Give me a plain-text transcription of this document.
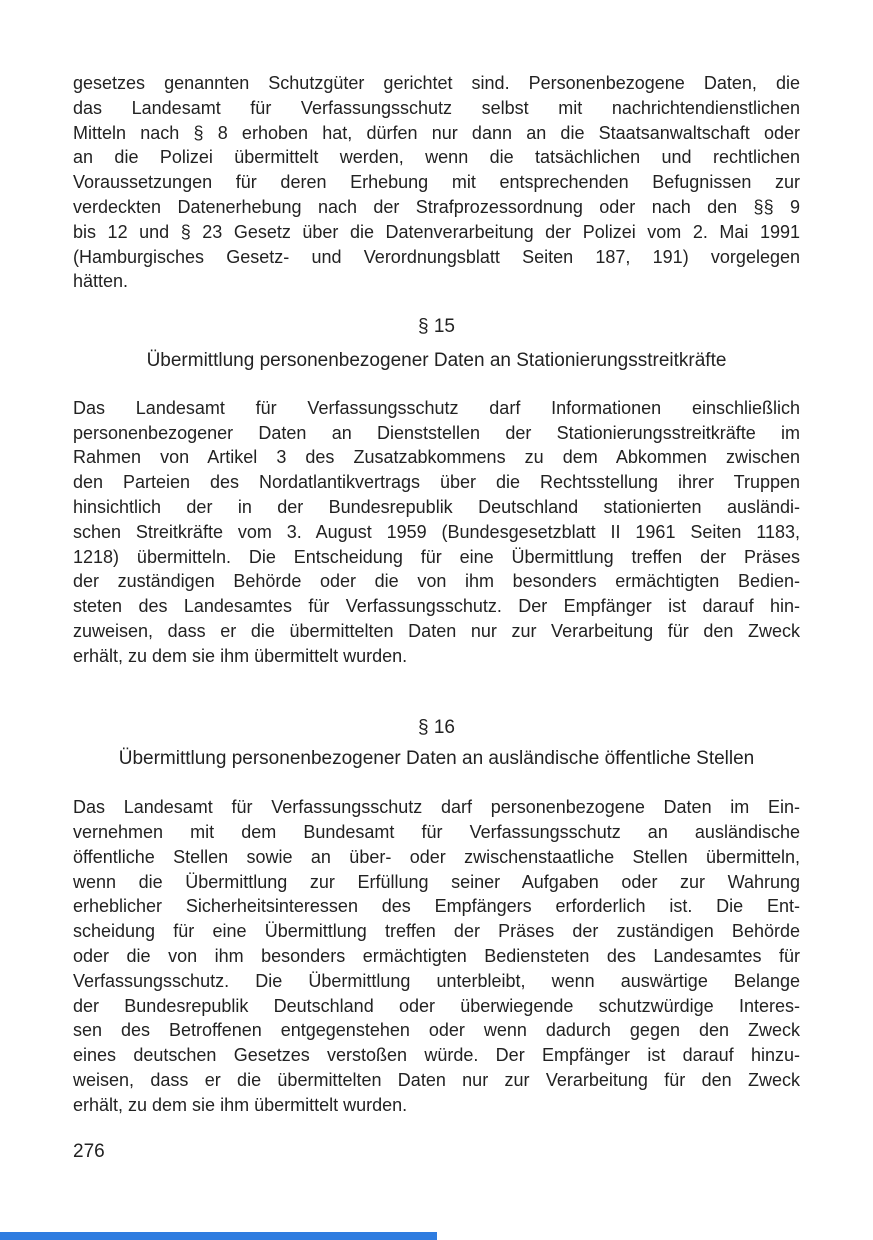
gesetzes genannten Schutzgüter gerichtet sind. Personenbezogene Daten, die
das Landesamt für Verfassungsschutz selbst mit nachrichtendienstlichen
Mitteln nach § 8 erhoben hat, dürfen nur dann an die Staatsanwaltschaft oder
an die Polizei übermittelt werden, wenn die tatsächlichen und rechtlichen
Voraussetzungen für deren Erhebung mit entsprechenden Befugnissen zur
verdeckten Datenerhebung nach der Strafprozessordnung oder nach den §§ 9
bis 12 und § 23 Gesetz über die Datenverarbeitung der Polizei vom 2. Mai 1991
(Hamburgisches Gesetz- und Verordnungsblatt Seiten 187, 191) vorgelegen
hätten.
§ 15
Übermittlung personenbezogener Daten an Stationierungsstreitkräfte
Das Landesamt für Verfassungsschutz darf Informationen einschließlich
personenbezogener Daten an Dienststellen der Stationierungsstreitkräfte im
Rahmen von Artikel 3 des Zusatzabkommens zu dem Abkommen zwischen
den Parteien des Nordatlantikvertrags über die Rechtsstellung ihrer Truppen
hinsichtlich der in der Bundesrepublik Deutschland stationierten ausländi-
schen Streitkräfte vom 3. August 1959 (Bundesgesetzblatt II 1961 Seiten 1183,
1218) übermitteln. Die Entscheidung für eine Übermittlung treffen der Präses
der zuständigen Behörde oder die von ihm besonders ermächtigten Bedien-
steten des Landesamtes für Verfassungsschutz. Der Empfänger ist darauf hin-
zuweisen, dass er die übermittelten Daten nur zur Verarbeitung für den Zweck
erhält, zu dem sie ihm übermittelt wurden.
§ 16
Übermittlung personenbezogener Daten an ausländische öffentliche Stellen
Das Landesamt für Verfassungsschutz darf personenbezogene Daten im Ein-
vernehmen mit dem Bundesamt für Verfassungsschutz an ausländische
öffentliche Stellen sowie an über- oder zwischenstaatliche Stellen übermitteln,
wenn die Übermittlung zur Erfüllung seiner Aufgaben oder zur Wahrung
erheblicher Sicherheitsinteressen des Empfängers erforderlich ist. Die Ent-
scheidung für eine Übermittlung treffen der Präses der zuständigen Behörde
oder die von ihm besonders ermächtigten Bediensteten des Landesamtes für
Verfassungsschutz. Die Übermittlung unterbleibt, wenn auswärtige Belange
der Bundesrepublik Deutschland oder überwiegende schutzwürdige Interes-
sen des Betroffenen entgegenstehen oder wenn dadurch gegen den Zweck
eines deutschen Gesetzes verstoßen würde. Der Empfänger ist darauf hinzu-
weisen, dass er die übermittelten Daten nur zur Verarbeitung für den Zweck
erhält, zu dem sie ihm übermittelt wurden.
276
